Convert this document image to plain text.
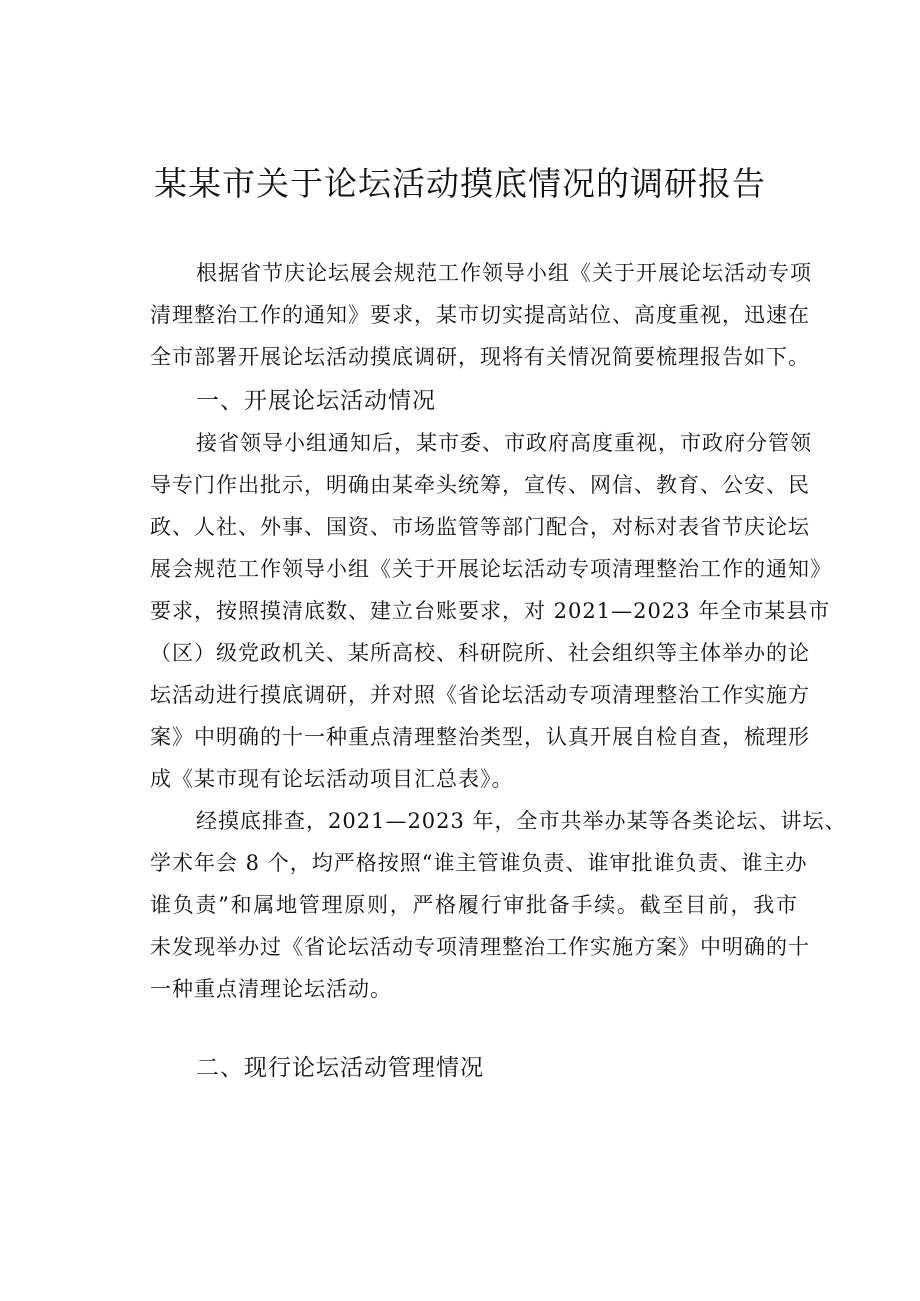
某某市关于论坛活动摸底情况的调研报告

根据省节庆论坛展会规范工作领导小组《关于开展论坛活动专项

清理整治工作的通知》要求，某市切实提高站位、高度重视，迅速在

全市部署开展论坛活动摸底调研，现将有关情况简要梳理报告如下。

一、开展论坛活动情况

接省领导小组通知后，某市委、市政府高度重视，市政府分管领

导专门作出批示，明确由某牵头统筹，宣传、网信、教育、公安、民

政、人社、外事、国资、市场监管等部门配合，对标对表省节庆论坛

展会规范工作领导小组《关于开展论坛活动专项清理整治工作的通知》

要求，按照摸清底数、建立台账要求，对 2021—2023 年全市某县市

（区）级党政机关、某所高校、科研院所、社会组织等主体举办的论

坛活动进行摸底调研，并对照《省论坛活动专项清理整治工作实施方

案》中明确的十一种重点清理整治类型，认真开展自检自查，梳理形

成《某市现有论坛活动项目汇总表》。

经摸底排查，2021—2023 年，全市共举办某等各类论坛、讲坛、

学术年会 8 个，均严格按照“谁主管谁负责、谁审批谁负责、谁主办

谁负责”和属地管理原则，严格履行审批备手续。截至目前，我市

未发现举办过《省论坛活动专项清理整治工作实施方案》中明确的十

一种重点清理论坛活动。

二、现行论坛活动管理情况
